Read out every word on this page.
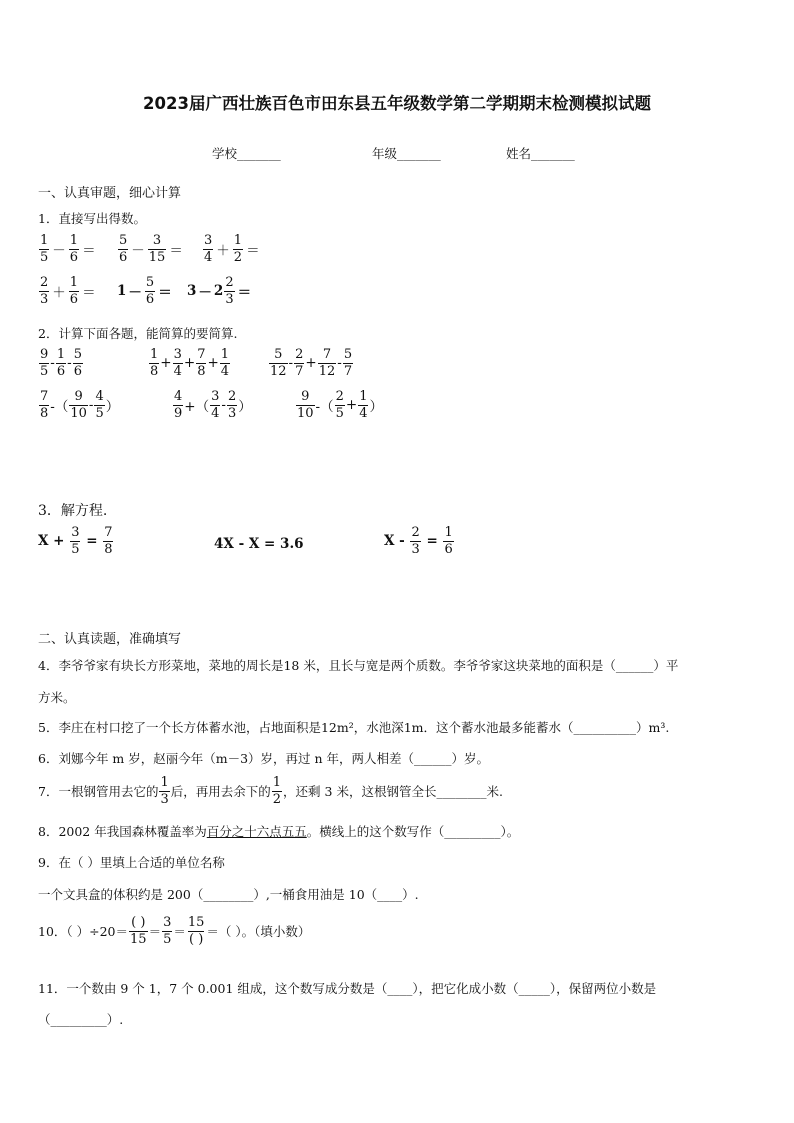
2023届广西壮族百色市田东县五年级数学第二学期期末检测模拟试题
学校_______	年级_______	姓名_______
一、认真审题，细心计算
1．直接写出得数。
$\frac{1}{5} - \frac{1}{6} = \frac{5}{6} - \frac{3}{15} = \frac{3}{4} + \frac{1}{2}$ ＝
$\frac{2}{3} + \frac{1}{6} = 1 - \frac{5}{6} = 3 - 2 \frac{2}{3}$ ＝
2．计算下面各题，能简算的要简算.
$\frac{9}{5} - \frac{1}{6} - \frac{5}{6}$	$\frac{1}{8} + \frac{3}{4} + \frac{7}{8} + \frac{1}{4}$	$\frac{5}{12} - \frac{2}{7} + \frac{7}{12} - \frac{5}{7}$
$\frac{7}{8}$ -（ $\frac{9}{10} - \frac{4}{5}$ ）	$\frac{4}{9}$ +（ $\frac{3}{4} - \frac{2}{3}$ ）	$\frac{9}{10}$ -（ $\frac{2}{5} + \frac{1}{4}$ ）
3．解方程.
X +
$\frac{3}{5}$
=
$\frac{7}{8}$	4X - X = 3.6	X -
$\frac{2}{3}$
=
$\frac{1}{6}$
二、认真读题，准确填写
4．李爷爷家有块长方形菜地，菜地的周长是18 米，且长与宽是两个质数。李爷爷家这块菜地的面积是（______）平
方米。
5．李庄在村口挖了一个长方体蓄水池，占地面积是12m²，水池深1m．这个蓄水池最多能蓄水（__________）m³.
6．刘娜今年 m 岁，赵丽今年（m－3）岁，再过 n 年，两人相差（______）岁。
7．一根钢管用去它的 $\frac{1}{3}$ 后，再用去余下的 $\frac{1}{2}$ ，还剩 3 米，这根钢管全长________米.
8．2002 年我国森林覆盖率为百分之十六点五五。横线上的这个数写作（_________）。
9．在（ ）里填上合适的单位名称
一个文具盒的体积约是 200（________）,一桶食用油是 10（____）.
10．（ ）$\div 20= \frac{( )}{15} = \frac{3}{5} = \frac{15}{( )}$ ＝（ ）。（填小数）
11．一个数由 9 个 1，7 个 0.001 组成，这个数写成分数是（____），把它化成小数（_____），保留两位小数是
（_________）.
